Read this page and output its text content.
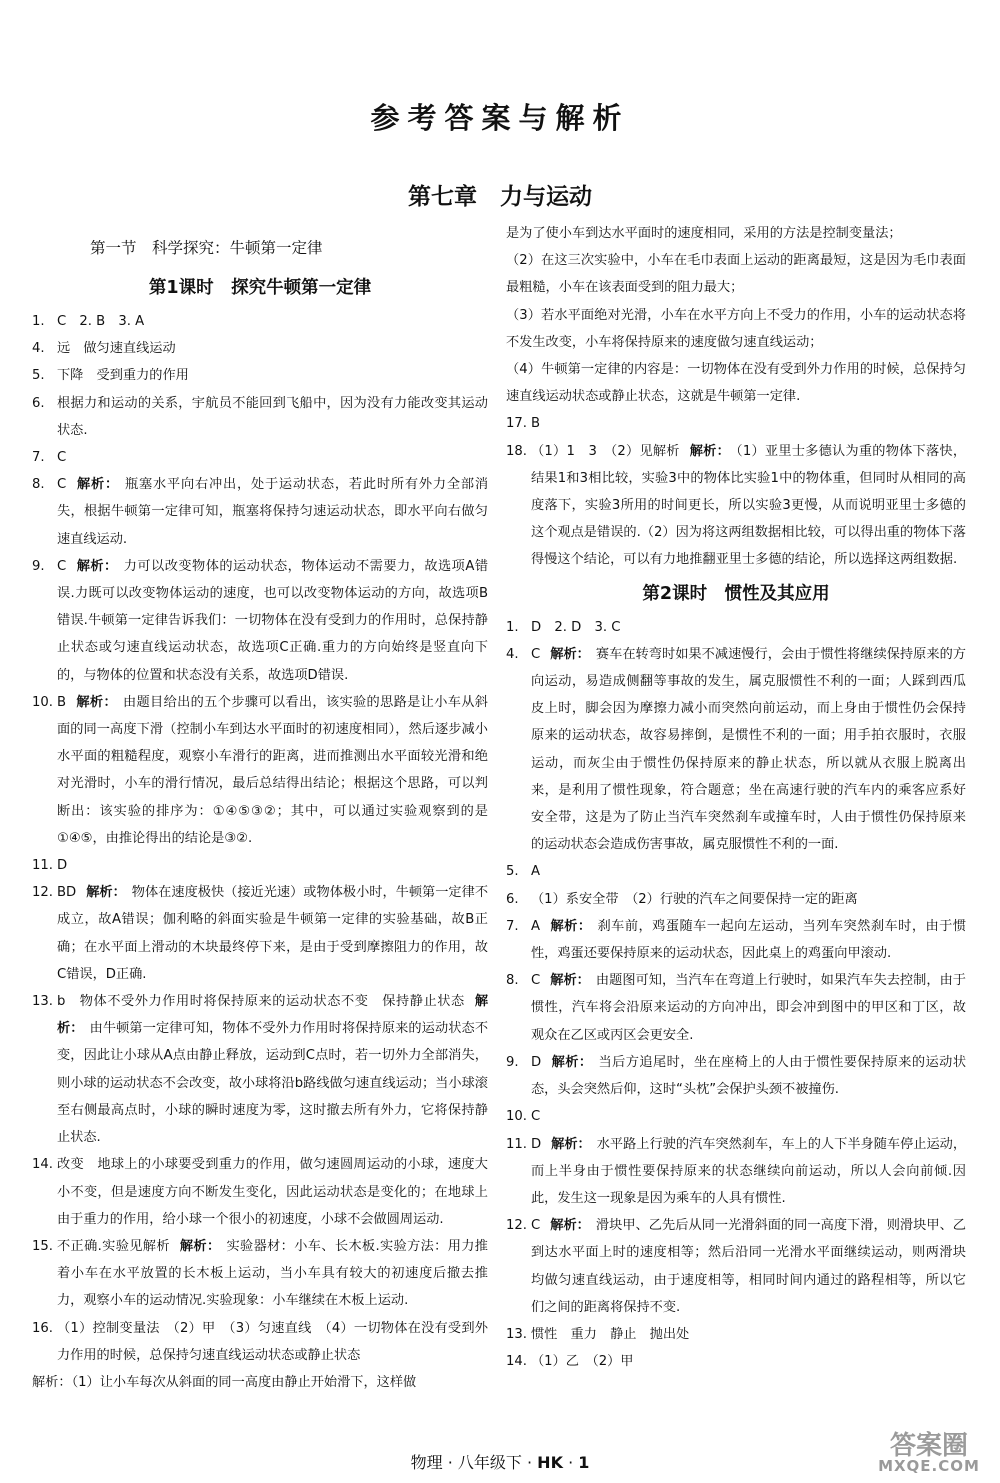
参考答案与解析
第七章　力与运动
第一节　科学探究：牛顿第一定律
第1课时　探究牛顿第一定律
1. C　2. B　3. A
4. 远　做匀速直线运动
5. 下降　受到重力的作用
6. 根据力和运动的关系，宇航员不能回到飞船中，因为没有力能改变其运动状态.
7. C
8. C 解析： 瓶塞水平向右冲出，处于运动状态，若此时所有外力全部消失，根据牛顿第一定律可知，瓶塞将保持匀速运动状态，即水平向右做匀速直线运动.
9. C 解析： 力可以改变物体的运动状态，物体运动不需要力，故选项A错误.力既可以改变物体运动的速度，也可以改变物体运动的方向，故选项B错误.牛顿第一定律告诉我们：一切物体在没有受到力的作用时，总保持静止状态或匀速直线运动状态，故选项C正确.重力的方向始终是竖直向下的，与物体的位置和状态没有关系，故选项D错误.
10. B 解析： 由题目给出的五个步骤可以看出，该实验的思路是让小车从斜面的同一高度下滑（控制小车到达水平面时的初速度相同），然后逐步减小水平面的粗糙程度，观察小车滑行的距离，进而推测出水平面较光滑和绝对光滑时，小车的滑行情况，最后总结得出结论；根据这个思路，可以判断出：该实验的排序为：①④⑤③②；其中，可以通过实验观察到的是①④⑤，由推论得出的结论是③②.
11. D
12. BD 解析： 物体在速度极快（接近光速）或物体极小时，牛顿第一定律不成立，故A错误；伽利略的斜面实验是牛顿第一定律的实验基础，故B正确；在水平面上滑动的木块最终停下来，是由于受到摩擦阻力的作用，故C错误，D正确.
13. b　物体不受外力作用时将保持原来的运动状态不变　保持静止状态 解析： 由牛顿第一定律可知，物体不受外力作用时将保持原来的运动状态不变，因此让小球从A点由静止释放，运动到C点时，若一切外力全部消失，则小球的运动状态不会改变，故小球将沿b路线做匀速直线运动；当小球滚至右侧最高点时，小球的瞬时速度为零，这时撤去所有外力，它将保持静止状态.
14. 改变　地球上的小球要受到重力的作用，做匀速圆周运动的小球，速度大小不变，但是速度方向不断发生变化，因此运动状态是变化的；在地球上由于重力的作用，给小球一个很小的初速度，小球不会做圆周运动.
15. 不正确.实验见解析 解析： 实验器材：小车、长木板.实验方法：用力推着小车在水平放置的长木板上运动，当小车具有较大的初速度后撤去推力，观察小车的运动情况.实验现象：小车继续在木板上运动.
16. （1）控制变量法　（2）甲　（3）匀速直线　（4）一切物体在没有受到外力作用的时候，总保持匀速直线运动状态或静止状态
解析：（1）让小车每次从斜面的同一高度由静止开始滑下，这样做
是为了使小车到达水平面时的速度相同，采用的方法是控制变量法；
（2）在这三次实验中，小车在毛巾表面上运动的距离最短，这是因为毛巾表面最粗糙，小车在该表面受到的阻力最大；
（3）若水平面绝对光滑，小车在水平方向上不受力的作用，小车的运动状态将不发生改变，小车将保持原来的速度做匀速直线运动；
（4）牛顿第一定律的内容是：一切物体在没有受到外力作用的时候，总保持匀速直线运动状态或静止状态，这就是牛顿第一定律.
17. B
18. （1）1　3　（2）见解析 解析： （1）亚里士多德认为重的物体下落快，结果1和3相比较，实验3中的物体比实验1中的物体重，但同时从相同的高度落下，实验3所用的时间更长，所以实验3更慢，从而说明亚里士多德的这个观点是错误的.（2）因为将这两组数据相比较，可以得出重的物体下落得慢这个结论，可以有力地推翻亚里士多德的结论，所以选择这两组数据.
第2课时　惯性及其应用
1. D　2. D　3. C
4. C 解析： 赛车在转弯时如果不减速慢行，会由于惯性将继续保持原来的方向运动，易造成侧翻等事故的发生，属克服惯性不利的一面；人踩到西瓜皮上时，脚会因为摩擦力减小而突然向前运动，而上身由于惯性仍会保持原来的运动状态，故容易摔倒，是惯性不利的一面；用手拍衣服时，衣服运动，而灰尘由于惯性仍保持原来的静止状态，所以就从衣服上脱离出来，是利用了惯性现象，符合题意；坐在高速行驶的汽车内的乘客应系好安全带，这是为了防止当汽车突然刹车或撞车时，人由于惯性仍保持原来的运动状态会造成伤害事故，属克服惯性不利的一面.
5. A
6. （1）系安全带　（2）行驶的汽车之间要保持一定的距离
7. A 解析： 刹车前，鸡蛋随车一起向左运动，当列车突然刹车时，由于惯性，鸡蛋还要保持原来的运动状态，因此桌上的鸡蛋向甲滚动.
8. C 解析： 由题图可知，当汽车在弯道上行驶时，如果汽车失去控制，由于惯性，汽车将会沿原来运动的方向冲出，即会冲到图中的甲区和丁区，故观众在乙区或丙区会更安全.
9. D 解析： 当后方追尾时，坐在座椅上的人由于惯性要保持原来的运动状态，头会突然后仰，这时“头枕”会保护头颈不被撞伤.
10. C
11. D 解析： 水平路上行驶的汽车突然刹车，车上的人下半身随车停止运动，而上半身由于惯性要保持原来的状态继续向前运动，所以人会向前倾.因此，发生这一现象是因为乘车的人具有惯性.
12. C 解析： 滑块甲、乙先后从同一光滑斜面的同一高度下滑，则滑块甲、乙到达水平面上时的速度相等；然后沿同一光滑水平面继续运动，则两滑块均做匀速直线运动，由于速度相等，相同时间内通过的路程相等，所以它们之间的距离将保持不变.
13. 惯性　重力　静止　抛出处
14. （1）乙　（2）甲
物理 · 八年级下 · HK · 1
答案圈
MXQE.COM
